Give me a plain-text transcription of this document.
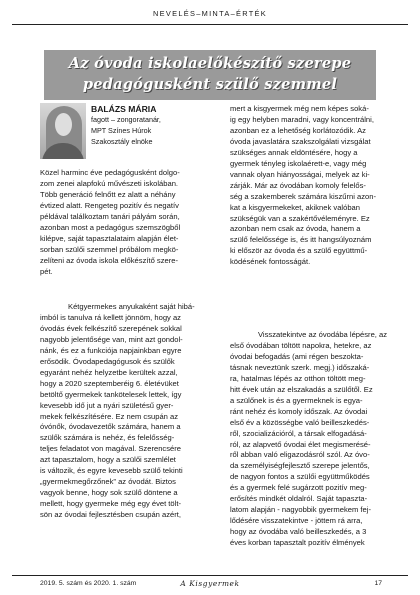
NEVELÉS–MINTA–ÉRTÉK
Az óvoda iskolaelőkészítő szerepe
pedagógusként szülő szemmel
BALÁZS MÁRIA
fagott – zongoratanár,
MPT Színes Húrok
Szakosztály elnöke

Közel harminc éve pedagógusként dolgo-

zom zenei alapfokú művészeti iskolában.

Több generáció felnőtt ez alatt a néhány

évtized alatt. Rengeteg pozitív és negatív

példával találkoztam tanári pályám során,

azonban most a pedagógus szemszögből

kilépve, saját tapasztalataim alapján élet-

sorban szülői szemmel próbálom megkö-

zelíteni az óvoda iskola előkészítő szere-

pét.

Kétgyermekes anyukaként saját hibá-

imból is tanulva rá kellett jönnöm, hogy az

óvodás évek felkészítő szerepének sokkal

nagyobb jelentősége van, mint azt gondol-

nánk, és ez a funkciója napjainkban egyre

erősödik. Óvodapedagógusok és szülők

egyaránt nehéz helyzetbe kerültek azzal,

hogy a 2020 szeptemberéig 6. életévüket

betöltő gyermekek tankötelesek lettek, így

kevesebb idő jut a nyári születésű gyer-

mekek felkészítésére. Ez nem csupán az

óvónők, óvodavezetők számára, hanem a

szülők számára is nehéz, és felelősség-

teljes feladatot von magával. Szerencsére

azt tapasztalom, hogy a szülői szemlélet

is változik, és egyre kevesebb szülő tekinti

„gyermekmegőrzőnek” az óvodát. Biztos

vagyok benne, hogy sok szülő döntene a

mellett, hogy gyermeke még egy évet tölt-

sön az óvodai fejlesztésben csupán azért,

mert a kisgyermek még nem képes soká-

ig egy helyben maradni, vagy koncentrálni,

azonban ez a lehetőség korlátozódik. Az

óvoda javaslatára szakszolgálati vizsgálat

szükséges annak eldöntésére, hogy a

gyermek tényleg iskolaérett-e, vagy még

vannak olyan hiányosságai, melyek az ki-

zárják. Már az óvodában komoly felelős-

ség a szakemberek számára kiszűrni azon-

kat a kisgyermekeket, akiknek valóban

szükségük van a szakértővéleményre. Ez

azonban nem csak az óvoda, hanem a

szülő felelőssége is, és itt hangsúlyoznám

ki először az óvoda és a szülő együttmű-

ködésének fontosságát.

Visszatekintve az óvodába lépésre, az

első óvodában töltött napokra, hetekre, az

óvodai befogadás (ami régen beszokta-

tásnak neveztünk szerk. megj.) időszaká-

ra, hatalmas lépés az otthon töltött meg-

hitt évek után az elszakadás a szülőtől. Ez

a szülőnek is és a gyermeknek is egya-

ránt nehéz és komoly időszak. Az óvodai

első év a közösségbe való beilleszkedés-

ről, szocializációról, a társak elfogadásá-

ról, az alapvető óvodai élet megismerésé-

ről abban való eligazodásról szól. Az óvo-

da személyiségfejlesztő szerepe jelentős,

de nagyon fontos a szülői együttműködés

és a gyermek felé sugárzott pozitív meg-

erősítés mindkét oldalról. Saját tapaszta-

latom alapján - nagyobbik gyermekem fej-

lődésére visszatekintve - jöttem rá arra,

hogy az óvodába való beilleszkedés, a 3

éves korban tapasztalt pozitív élmények

2019. 5. szám és 2020. 1. szám	A Kisgyermek	17
